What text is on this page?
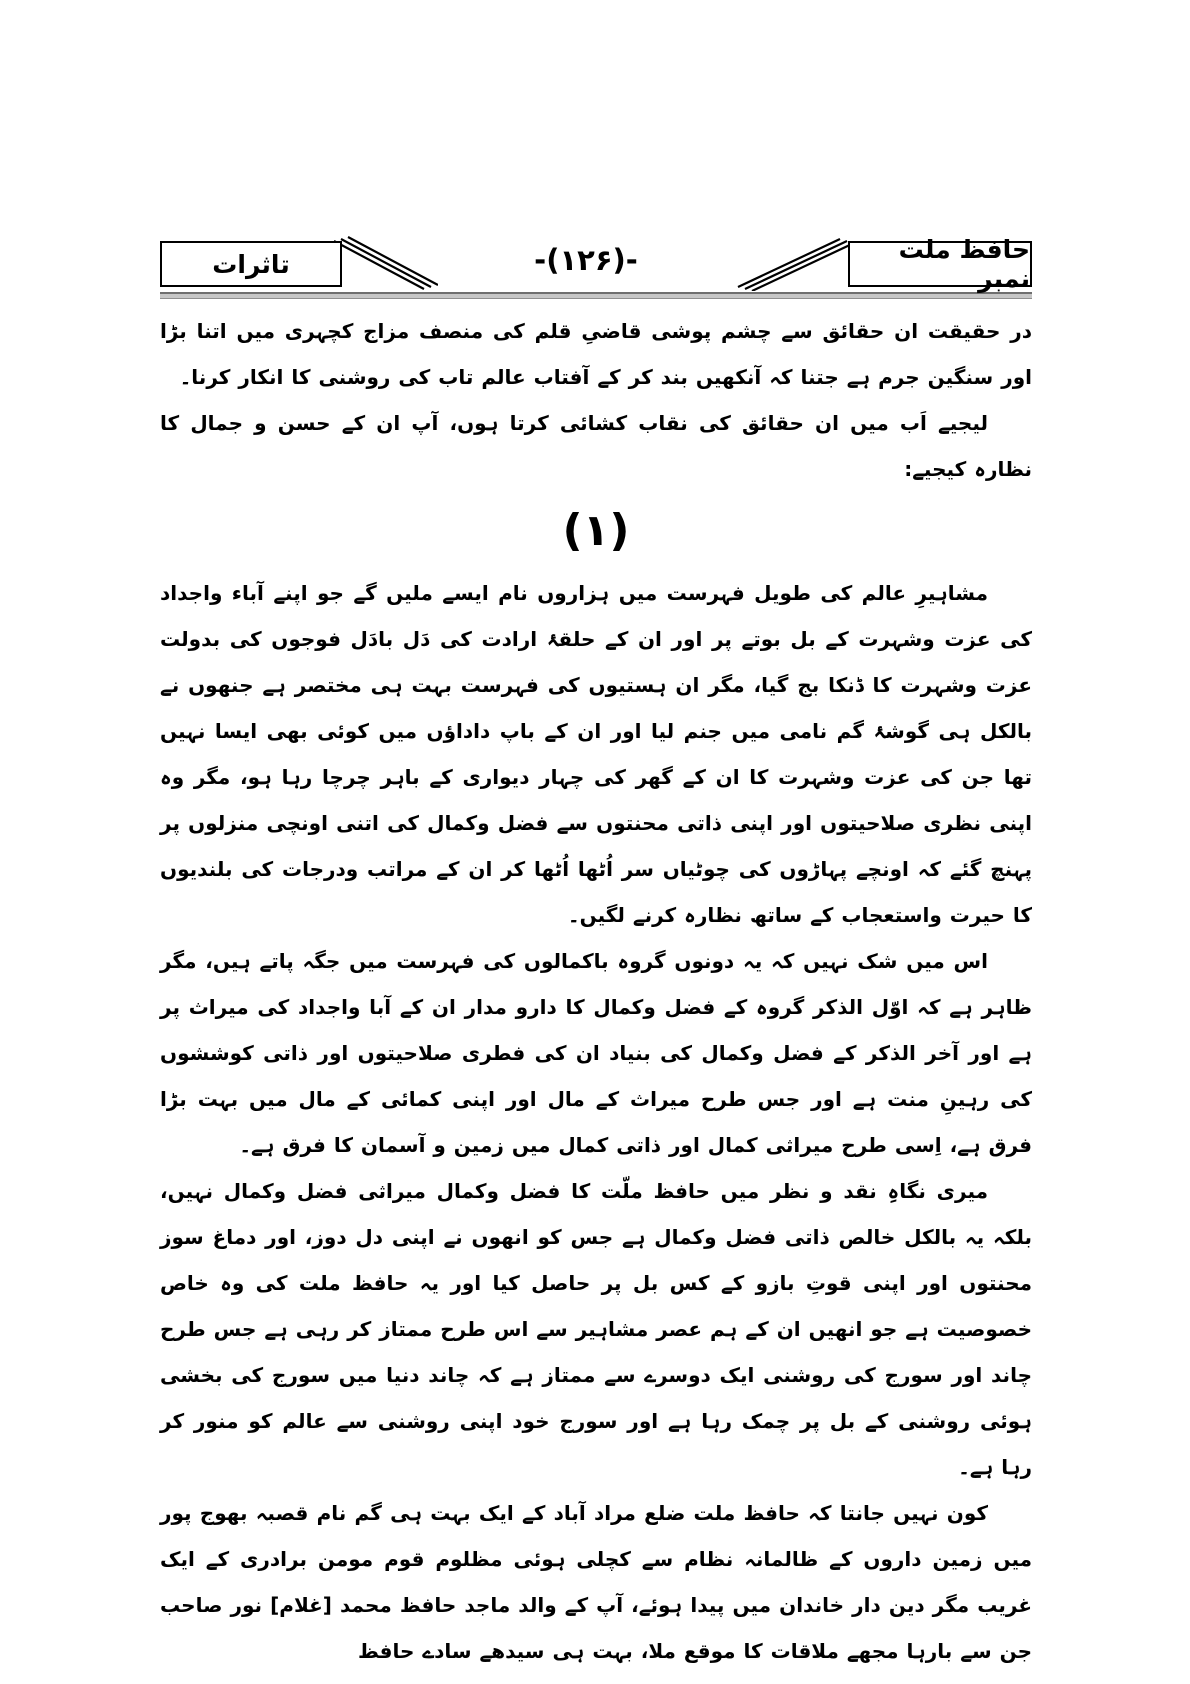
تاثرات	-(۱۲۶)-	حافظ ملت نمبر

در حقیقت ان حقائق سے چشم پوشی قاضیِ قلم کی منصف مزاج کچہری میں اتنا بڑا اور سنگین جرم ہے جتنا کہ آنکھیں بند کر کے آفتاب عالم تاب کی روشنی کا انکار کرنا۔

لیجیے اَب میں ان حقائق کی نقاب کشائی کرتا ہوں، آپ ان کے حسن و جمال کا نظارہ کیجیے:

(۱)

مشاہیرِ عالم کی طویل فہرست میں ہزاروں نام ایسے ملیں گے جو اپنے آباء واجداد کی عزت وشہرت کے بل بوتے پر اور ان کے حلقۂ ارادت کی دَل بادَل فوجوں کی بدولت عزت وشہرت کا ڈنکا بج گیا، مگر ان ہستیوں کی فہرست بہت ہی مختصر ہے جنھوں نے بالکل ہی گوشۂ گم نامی میں جنم لیا اور ان کے باپ داداؤں میں کوئی بھی ایسا نہیں تھا جن کی عزت وشہرت کا ان کے گھر کی چہار دیواری کے باہر چرچا رہا ہو، مگر وہ اپنی نظری صلاحیتوں اور اپنی ذاتی محنتوں سے فضل وکمال کی اتنی اونچی منزلوں پر پہنچ گئے کہ اونچے پہاڑوں کی چوٹیاں سر اُٹھا اُٹھا کر ان کے مراتب ودرجات کی بلندیوں کا حیرت واستعجاب کے ساتھ نظارہ کرنے لگیں۔

اس میں شک نہیں کہ یہ دونوں گروہ باکمالوں کی فہرست میں جگہ پاتے ہیں، مگر ظاہر ہے کہ اوّل الذکر گروہ کے فضل وکمال کا دارو مدار ان کے آبا واجداد کی میراث پر ہے اور آخر الذکر کے فضل وکمال کی بنیاد ان کی فطری صلاحیتوں اور ذاتی کوششوں کی رہینِ منت ہے اور جس طرح میراث کے مال اور اپنی کمائی کے مال میں بہت بڑا فرق ہے، اِسی طرح میراثی کمال اور ذاتی کمال میں زمین و آسمان کا فرق ہے۔

میری نگاہِ نقد و نظر میں حافظ ملّت کا فضل وکمال میراثی فضل وکمال نہیں، بلکہ یہ بالکل خالص ذاتی فضل وکمال ہے جس کو انھوں نے اپنی دل دوز، اور دماغ سوز محنتوں اور اپنی قوتِ بازو کے کس بل پر حاصل کیا اور یہ حافظ ملت کی وہ خاص خصوصیت ہے جو انھیں ان کے ہم عصر مشاہیر سے اس طرح ممتاز کر رہی ہے جس طرح چاند اور سورج کی روشنی ایک دوسرے سے ممتاز ہے کہ چاند دنیا میں سورج کی بخشی ہوئی روشنی کے بل پر چمک رہا ہے اور سورج خود اپنی روشنی سے عالم کو منور کر رہا ہے۔

کون نہیں جانتا کہ حافظ ملت ضلع مراد آباد کے ایک بہت ہی گم نام قصبہ بھوج پور میں زمین داروں کے ظالمانہ نظام سے کچلی ہوئی مظلوم قوم مومن برادری کے ایک غریب مگر دین دار خاندان میں پیدا ہوئے، آپ کے والد ماجد حافظ محمد [غلام] نور صاحب جن سے بارہا مجھے ملاقات کا موقع ملا، بہت ہی سیدھے سادے حافظ
